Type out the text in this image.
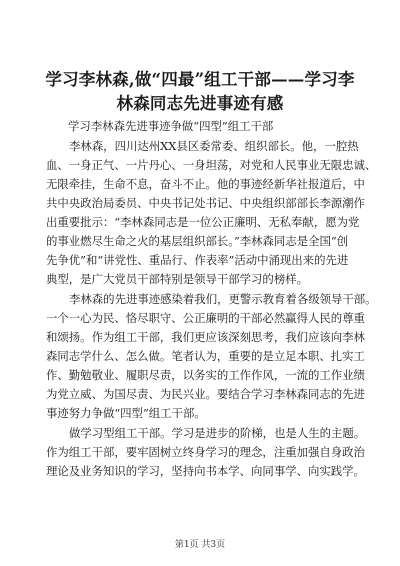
学习李林森,做“四最”组工干部——学习李
林森同志先进事迹有感
学习李林森先进事迹争做“四型”组工干部
李林森，四川达州XX县区委常委、组织部长。他，一腔热
血、一身正气、一片丹心、一身坦荡，对党和人民事业无限忠诚、
无限牵挂，生命不息，奋斗不止。他的事迹经新华社报道后，中
共中央政治局委员、中央书记处书记、中央组织部部长李源潮作
出重要批示：“李林森同志是一位公正廉明、无私奉献，愿为党
的事业燃尽生命之火的基层组织部长。”李林森同志是全国“创
先争优”和“讲党性、重品行、作表率”活动中涌现出来的先进
典型，是广大党员干部特别是领导干部学习的榜样。
李林森的先进事迹感染着我们，更警示教育着各级领导干部。
一个一心为民、恪尽职守、公正廉明的干部必然赢得人民的尊重
和颂扬。作为组工干部，我们更应该深刻思考，我们应该向李林
森同志学什么、怎么做。笔者认为，重要的是立足本职、扎实工
作、勤勉敬业、履职尽责，以务实的工作作风，一流的工作业绩
为党立威、为国尽责、为民兴业。要结合学习李林森同志的先进
事迹努力争做“四型”组工干部。
做学习型组工干部。学习是进步的阶梯，也是人生的主题。
作为组工干部，要牢固树立终身学习的理念，注重加强自身政治
理论及业务知识的学习，坚持向书本学、向同事学、向实践学。
第1页 共3页
